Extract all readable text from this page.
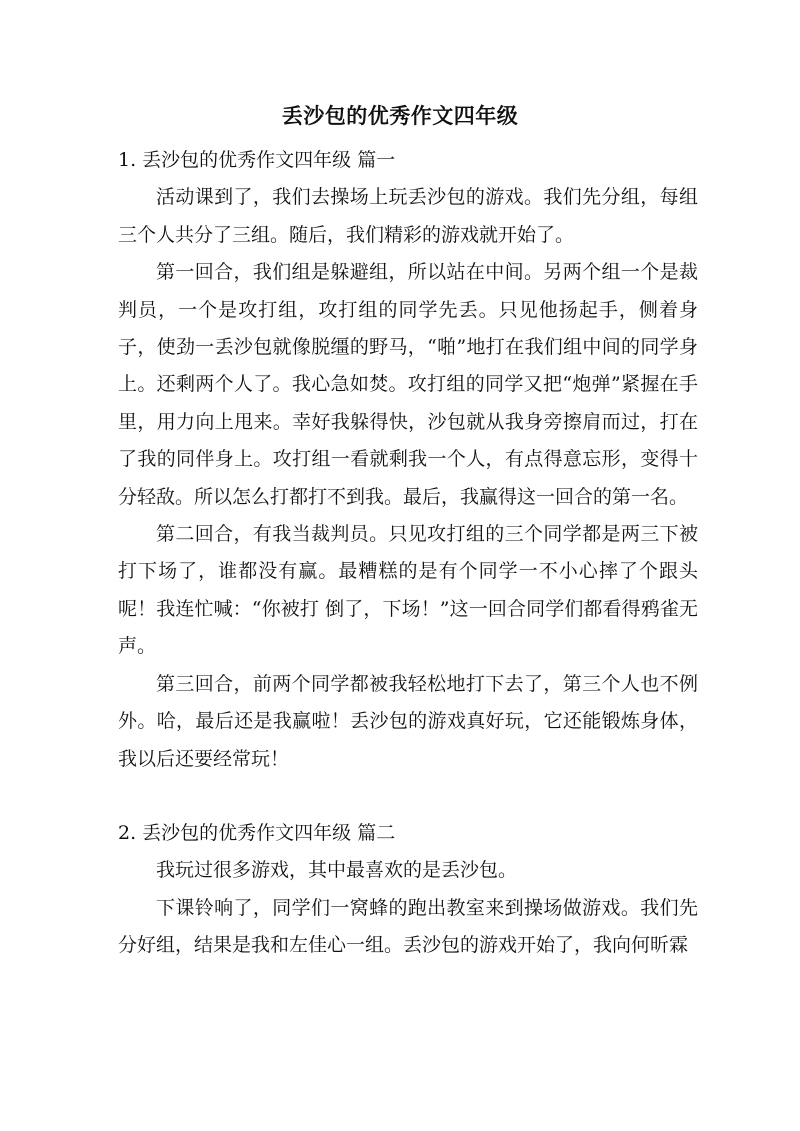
丢沙包的优秀作文四年级
1. 丢沙包的优秀作文四年级 篇一

活动课到了，我们去操场上玩丢沙包的游戏。我们先分组，每组三个人共分了三组。随后，我们精彩的游戏就开始了。

第一回合，我们组是躲避组，所以站在中间。另两个组一个是裁判员，一个是攻打组，攻打组的同学先丢。只见他扬起手，侧着身子，使劲一丢沙包就像脱缰的野马，“啪”地打在我们组中间的同学身上。还剩两个人了。我心急如焚。攻打组的同学又把“炮弹”紧握在手里，用力向上甩来。幸好我躲得快，沙包就从我身旁擦肩而过，打在了我的同伴身上。攻打组一看就剩我一个人，有点得意忘形，变得十分轻敌。所以怎么打都打不到我。最后，我赢得这一回合的第一名。

第二回合，有我当裁判员。只见攻打组的三个同学都是两三下被打下场了，谁都没有赢。最糟糕的是有个同学一不小心摔了个跟头呢！我连忙喊：“你被打 倒了，下场！”这一回合同学们都看得鸦雀无声。

第三回合，前两个同学都被我轻松地打下去了，第三个人也不例外。哈，最后还是我赢啦！丢沙包的游戏真好玩，它还能锻炼身体，我以后还要经常玩！

2. 丢沙包的优秀作文四年级 篇二

我玩过很多游戏，其中最喜欢的是丢沙包。

下课铃响了，同学们一窝蜂的跑出教室来到操场做游戏。我们先分好组，结果是我和左佳心一组。丢沙包的游戏开始了，我向何昕霖
